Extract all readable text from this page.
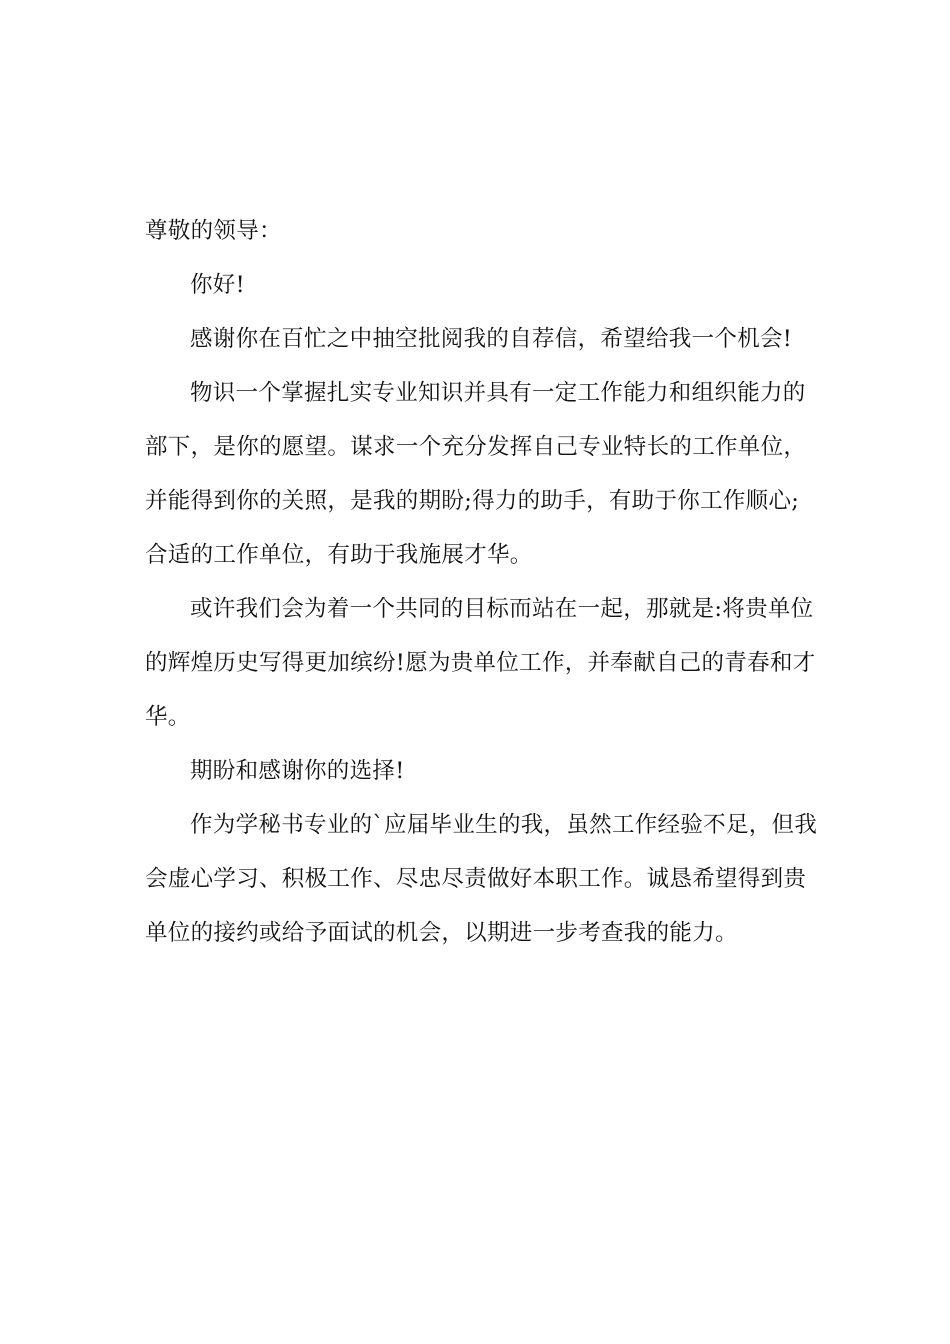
尊敬的领导：
你好!
感谢你在百忙之中抽空批阅我的自荐信，希望给我一个机会!
物识一个掌握扎实专业知识并具有一定工作能力和组织能力的
部下，是你的愿望。谋求一个充分发挥自己专业特长的工作单位，
并能得到你的关照，是我的期盼;得力的助手，有助于你工作顺心;
合适的工作单位，有助于我施展才华。
或许我们会为着一个共同的目标而站在一起，那就是:将贵单位
的辉煌历史写得更加缤纷!愿为贵单位工作，并奉献自己的青春和才
华。
期盼和感谢你的选择!
作为学秘书专业的`应届毕业生的我，虽然工作经验不足，但我
会虚心学习、积极工作、尽忠尽责做好本职工作。诚恳希望得到贵
单位的接约或给予面试的机会，以期进一步考查我的能力。
